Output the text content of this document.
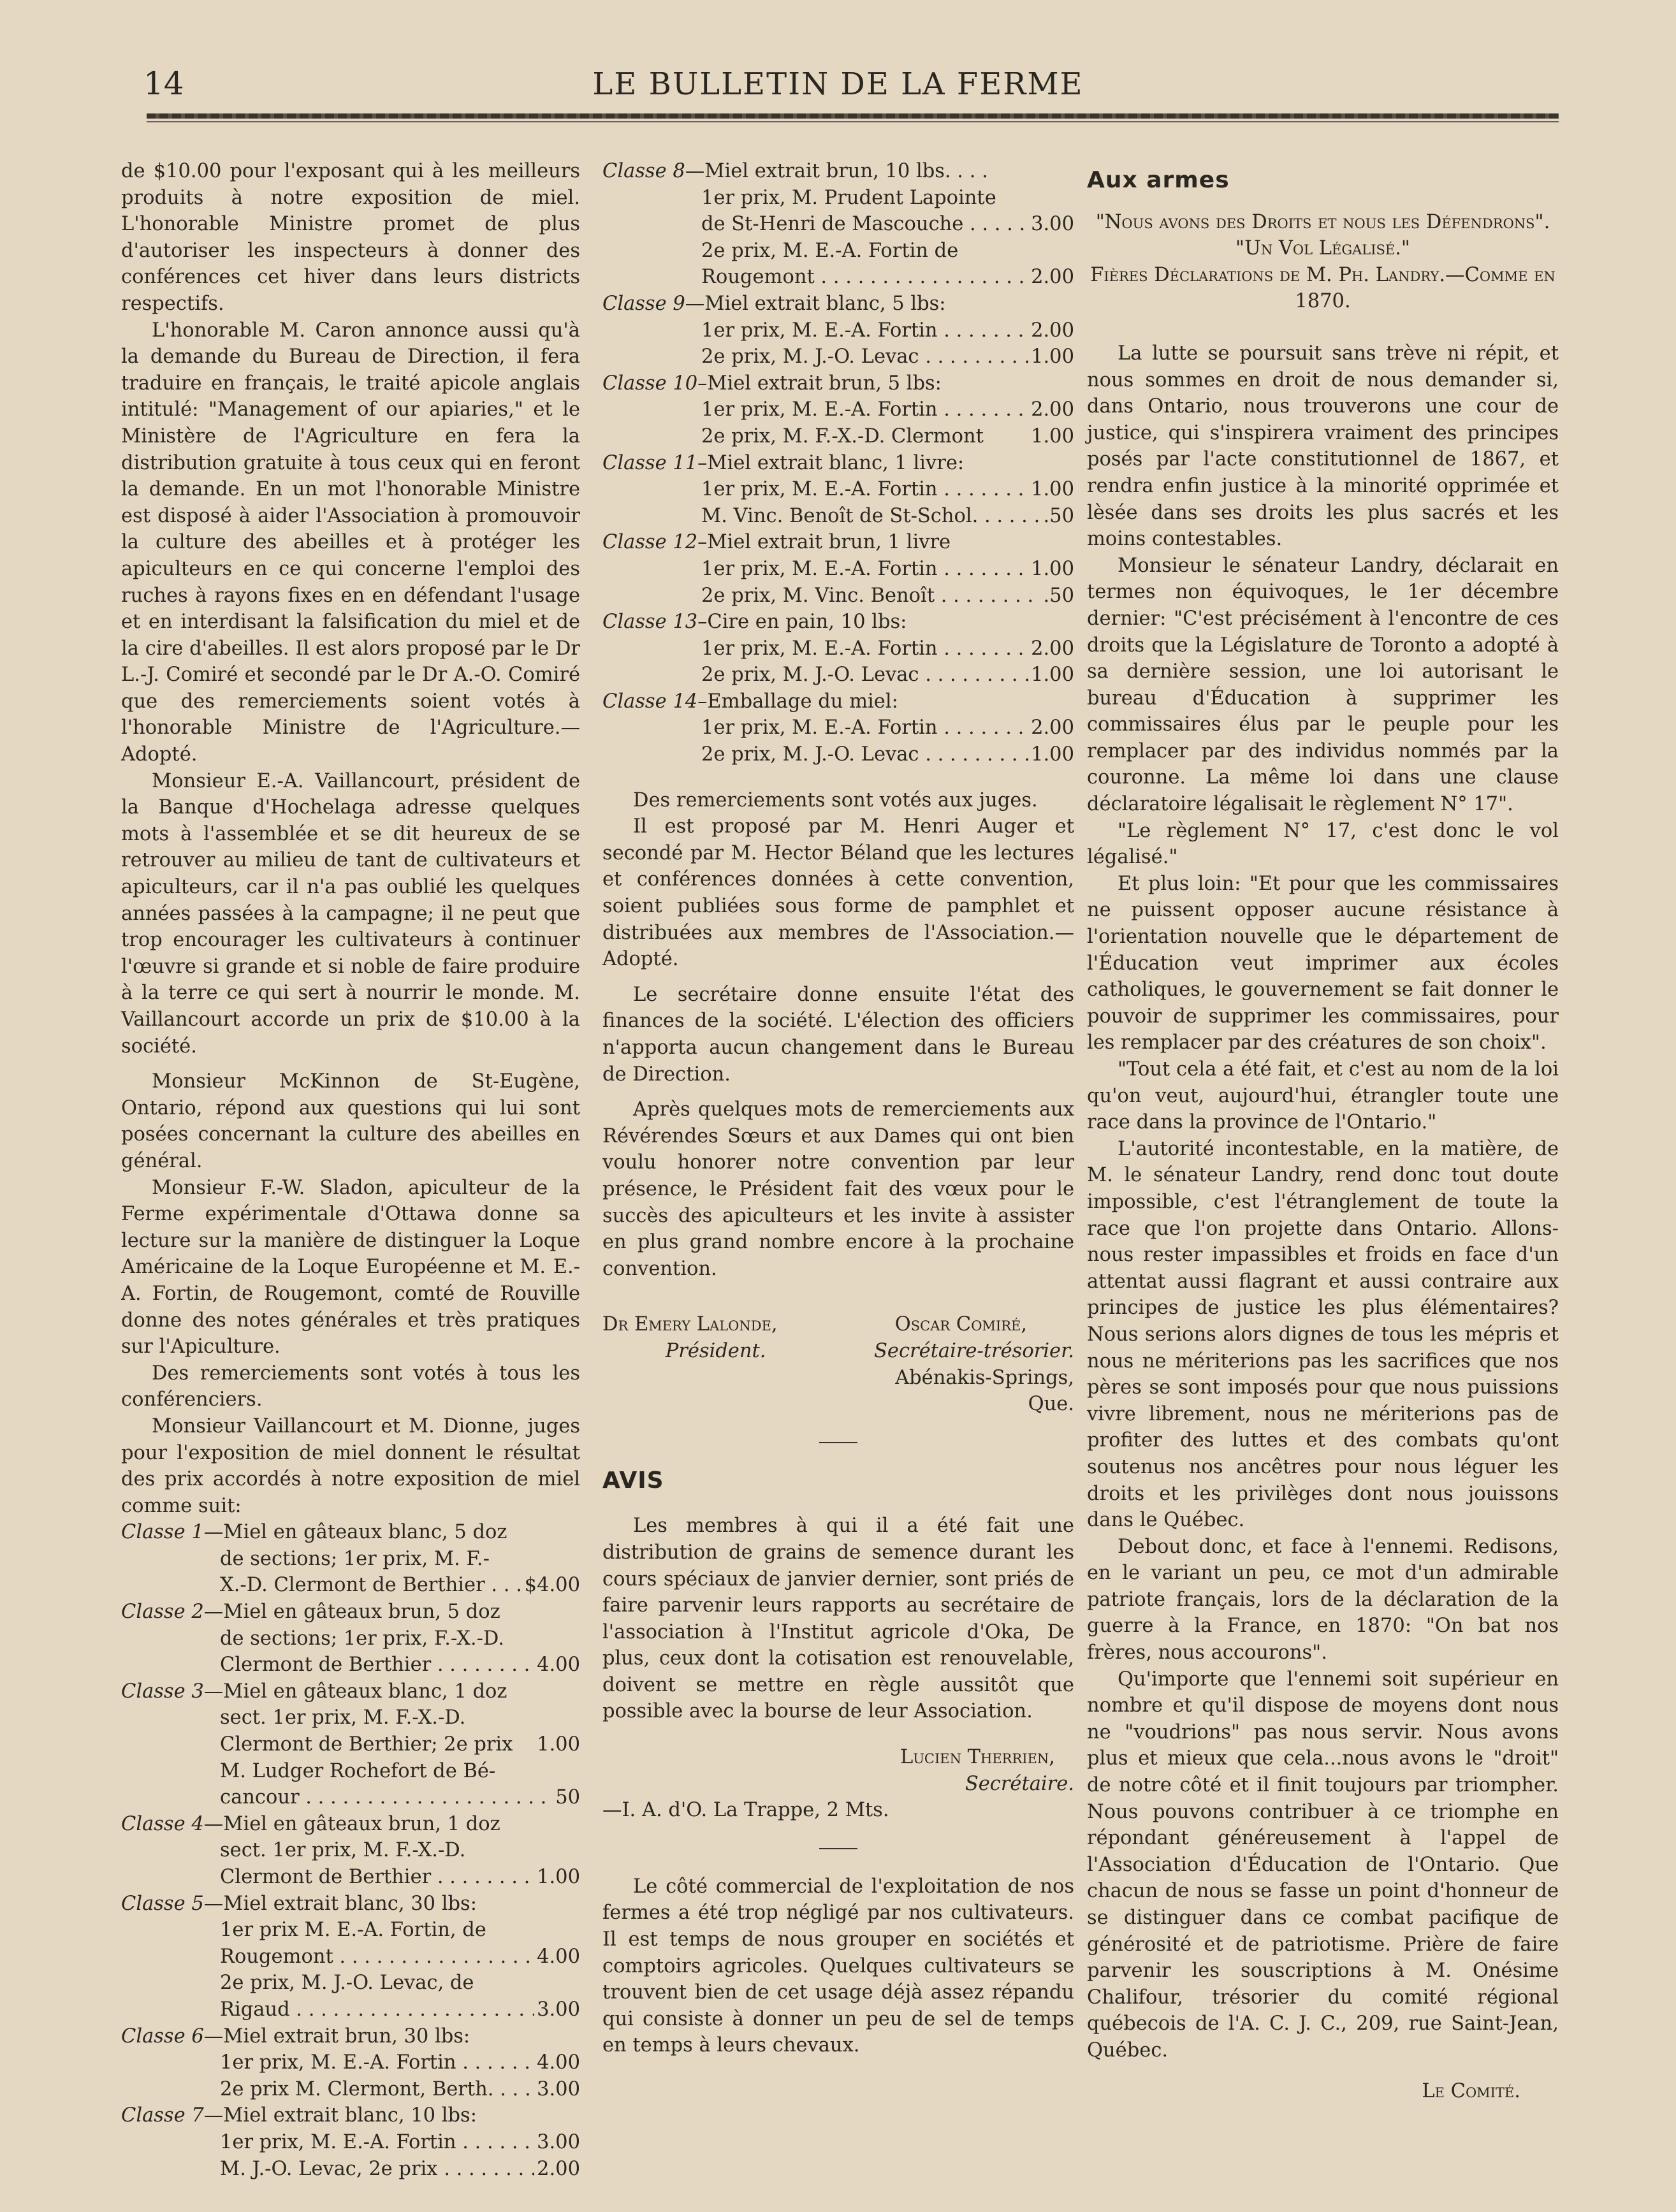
14	LE BULLETIN DE LA FERME

de $10.00 pour l'exposant qui à les meilleurs produits à notre exposition de miel. L'honorable Ministre promet de plus d'autoriser les inspecteurs à donner des conférences cet hiver dans leurs districts respectifs.

L'honorable M. Caron annonce aussi qu'à la demande du Bureau de Direction, il fera traduire en français, le traité apicole anglais intitulé: "Management of our apiaries," et le Ministère de l'Agriculture en fera la distribution gratuite à tous ceux qui en feront la demande. En un mot l'honorable Ministre est disposé à aider l'Association à promouvoir la culture des abeilles et à protéger les apiculteurs en ce qui concerne l'emploi des ruches à rayons fixes en en défendant l'usage et en interdisant la falsification du miel et de la cire d'abeilles. Il est alors proposé par le Dr L.-J. Comiré et secondé par le Dr A.-O. Comiré que des remerciements soient votés à l'honorable Ministre de l'Agriculture.—Adopté.

Monsieur E.-A. Vaillancourt, président de la Banque d'Hochelaga adresse quelques mots à l'assemblée et se dit heureux de se retrouver au milieu de tant de cultivateurs et apiculteurs, car il n'a pas oublié les quelques années passées à la campagne; il ne peut que trop encourager les cultivateurs à continuer l'œuvre si grande et si noble de faire produire à la terre ce qui sert à nourrir le monde. M. Vaillancourt accorde un prix de $10.00 à la société.

Monsieur McKinnon de St-Eugène, Ontario, répond aux questions qui lui sont posées concernant la culture des abeilles en général.

Monsieur F.-W. Sladon, apiculteur de la Ferme expérimentale d'Ottawa donne sa lecture sur la manière de distinguer la Loque Américaine de la Loque Européenne et M. E.-A. Fortin, de Rougemont, comté de Rouville donne des notes générales et très pratiques sur l'Apiculture.

Des remerciements sont votés à tous les conférenciers.

Monsieur Vaillancourt et M. Dionne, juges pour l'exposition de miel donnent le résultat des prix accordés à notre exposition de miel comme suit:

Classe 1—Miel en gâteaux blanc, 5 doz

de sections; 1er prix, M. F.-

X.-D. Clermont de Berthier . . .	$4.00

Classe 2—Miel en gâteaux brun, 5 doz

de sections; 1er prix, F.-X.-D.

Clermont de Berthier . . .	4.00

Classe 3—Miel en gâteaux blanc, 1 doz

sect. 1er prix, M. F.-X.-D.

Clermont de Berthier; 2e prix	1.00

M. Ludger Rochefort de Bé-

cancour . . .	50

Classe 4—Miel en gâteaux brun, 1 doz

sect. 1er prix, M. F.-X.-D.

Clermont de Berthier . . .	1.00

Classe 5—Miel extrait blanc, 30 lbs:

1er prix M. E.-A. Fortin, de

Rougemont . . .	4.00

2e prix, M. J.-O. Levac, de

Rigaud . . .	3.00

Classe 6—Miel extrait brun, 30 lbs:

1er prix, M. E.-A. Fortin . . .	4.00
2e prix M. Clermont, Berth. . . .	3.00

Classe 7—Miel extrait blanc, 10 lbs:

1er prix, M. E.-A. Fortin . . .	3.00
M. J.-O. Levac, 2e prix . . .	2.00

Classe 8—Miel extrait brun, 10 lbs. . . .

1er prix, M. Prudent Lapointe

de St-Henri de Mascouche . . .	3.00

2e prix, M. E.-A. Fortin de

Rougemont . . .	2.00

Classe 9—Miel extrait blanc, 5 lbs:

1er prix, M. E.-A. Fortin . . .	2.00
2e prix, M. J.-O. Levac . . .	1.00

Classe 10–Miel extrait brun, 5 lbs:

1er prix, M. E.-A. Fortin . . .	2.00
2e prix, M. F.-X.-D. Clermont	1.00

Classe 11–Miel extrait blanc, 1 livre:

1er prix, M. E.-A. Fortin . . .	1.00
M. Vinc. Benoît de St-Schol. . . .	.50

Classe 12–Miel extrait brun, 1 livre

1er prix, M. E.-A. Fortin . . .	1.00
2e prix, M. Vinc. Benoît . . .	.50

Classe 13–Cire en pain, 10 lbs:

1er prix, M. E.-A. Fortin . . .	2.00
2e prix, M. J.-O. Levac . . .	1.00

Classe 14–Emballage du miel:

1er prix, M. E.-A. Fortin . . .	2.00
2e prix, M. J.-O. Levac . . .	1.00

Des remerciements sont votés aux juges.

Il est proposé par M. Henri Auger et secondé par M. Hector Béland que les lectures et conférences données à cette convention, soient publiées sous forme de pamphlet et distribuées aux membres de l'Association.—Adopté.

Le secrétaire donne ensuite l'état des finances de la société. L'élection des officiers n'apporta aucun changement dans le Bureau de Direction.

Après quelques mots de remerciements aux Révérendes Sœurs et aux Dames qui ont bien voulu honorer notre convention par leur présence, le Président fait des vœux pour le succès des apiculteurs et les invite à assister en plus grand nombre encore à la prochaine convention.

Dr Emery Lalonde,

Président.

Oscar Comiré,

Secrétaire-trésorier.

Abénakis-Springs, Que.

AVIS

Les membres à qui il a été fait une distribution de grains de semence durant les cours spéciaux de janvier dernier, sont priés de faire parvenir leurs rapports au secrétaire de l'association à l'Institut agricole d'Oka, De plus, ceux dont la cotisation est renouvelable, doivent se mettre en règle aussitôt que possible avec la bourse de leur Association.

Lucien Therrien,

Secrétaire.

—I. A. d'O. La Trappe, 2 Mts.

Le côté commercial de l'exploitation de nos fermes a été trop négligé par nos cultivateurs. Il est temps de nous grouper en sociétés et comptoirs agricoles. Quelques cultivateurs se trouvent bien de cet usage déjà assez répandu qui consiste à donner un peu de sel de temps en temps à leurs chevaux.

Aux armes

"Nous avons des Droits et nous les Défendrons". "Un Vol Légalisé."

Fières Déclarations de M. Ph. Landry.—Comme en 1870.

La lutte se poursuit sans trève ni répit, et nous sommes en droit de nous demander si, dans Ontario, nous trouverons une cour de justice, qui s'inspirera vraiment des principes posés par l'acte constitutionnel de 1867, et rendra enfin justice à la minorité opprimée et lèsée dans ses droits les plus sacrés et les moins contestables.

Monsieur le sénateur Landry, déclarait en termes non équivoques, le 1er décembre dernier: "C'est précisément à l'encontre de ces droits que la Législature de Toronto a adopté à sa dernière session, une loi autorisant le bureau d'Éducation à supprimer les commissaires élus par le peuple pour les remplacer par des individus nommés par la couronne. La même loi dans une clause déclaratoire légalisait le règlement N° 17".

"Le règlement N° 17, c'est donc le vol légalisé."

Et plus loin: "Et pour que les commissaires ne puissent opposer aucune résistance à l'orientation nouvelle que le département de l'Éducation veut imprimer aux écoles catholiques, le gouvernement se fait donner le pouvoir de supprimer les commissaires, pour les remplacer par des créatures de son choix".

"Tout cela a été fait, et c'est au nom de la loi qu'on veut, aujourd'hui, étrangler toute une race dans la province de l'Ontario."

L'autorité incontestable, en la matière, de M. le sénateur Landry, rend donc tout doute impossible, c'est l'étranglement de toute la race que l'on projette dans Ontario. Allons-nous rester impassibles et froids en face d'un attentat aussi flagrant et aussi contraire aux principes de justice les plus élémentaires? Nous serions alors dignes de tous les mépris et nous ne mériterions pas les sacrifices que nos pères se sont imposés pour que nous puissions vivre librement, nous ne mériterions pas de profiter des luttes et des combats qu'ont soutenus nos ancêtres pour nous léguer les droits et les privilèges dont nous jouissons dans le Québec.

Debout donc, et face à l'ennemi. Redisons, en le variant un peu, ce mot d'un admirable patriote français, lors de la déclaration de la guerre à la France, en 1870: "On bat nos frères, nous accourons".

Qu'importe que l'ennemi soit supérieur en nombre et qu'il dispose de moyens dont nous ne "voudrions" pas nous servir. Nous avons plus et mieux que cela...nous avons le "droit" de notre côté et il finit toujours par triompher. Nous pouvons contribuer à ce triomphe en répondant généreusement à l'appel de l'Association d'Éducation de l'Ontario. Que chacun de nous se fasse un point d'honneur de se distinguer dans ce combat pacifique de générosité et de patriotisme. Prière de faire parvenir les souscriptions à M. Onésime Chalifour, trésorier du comité régional québecois de l'A. C. J. C., 209, rue Saint-Jean, Québec.

Le Comité.
